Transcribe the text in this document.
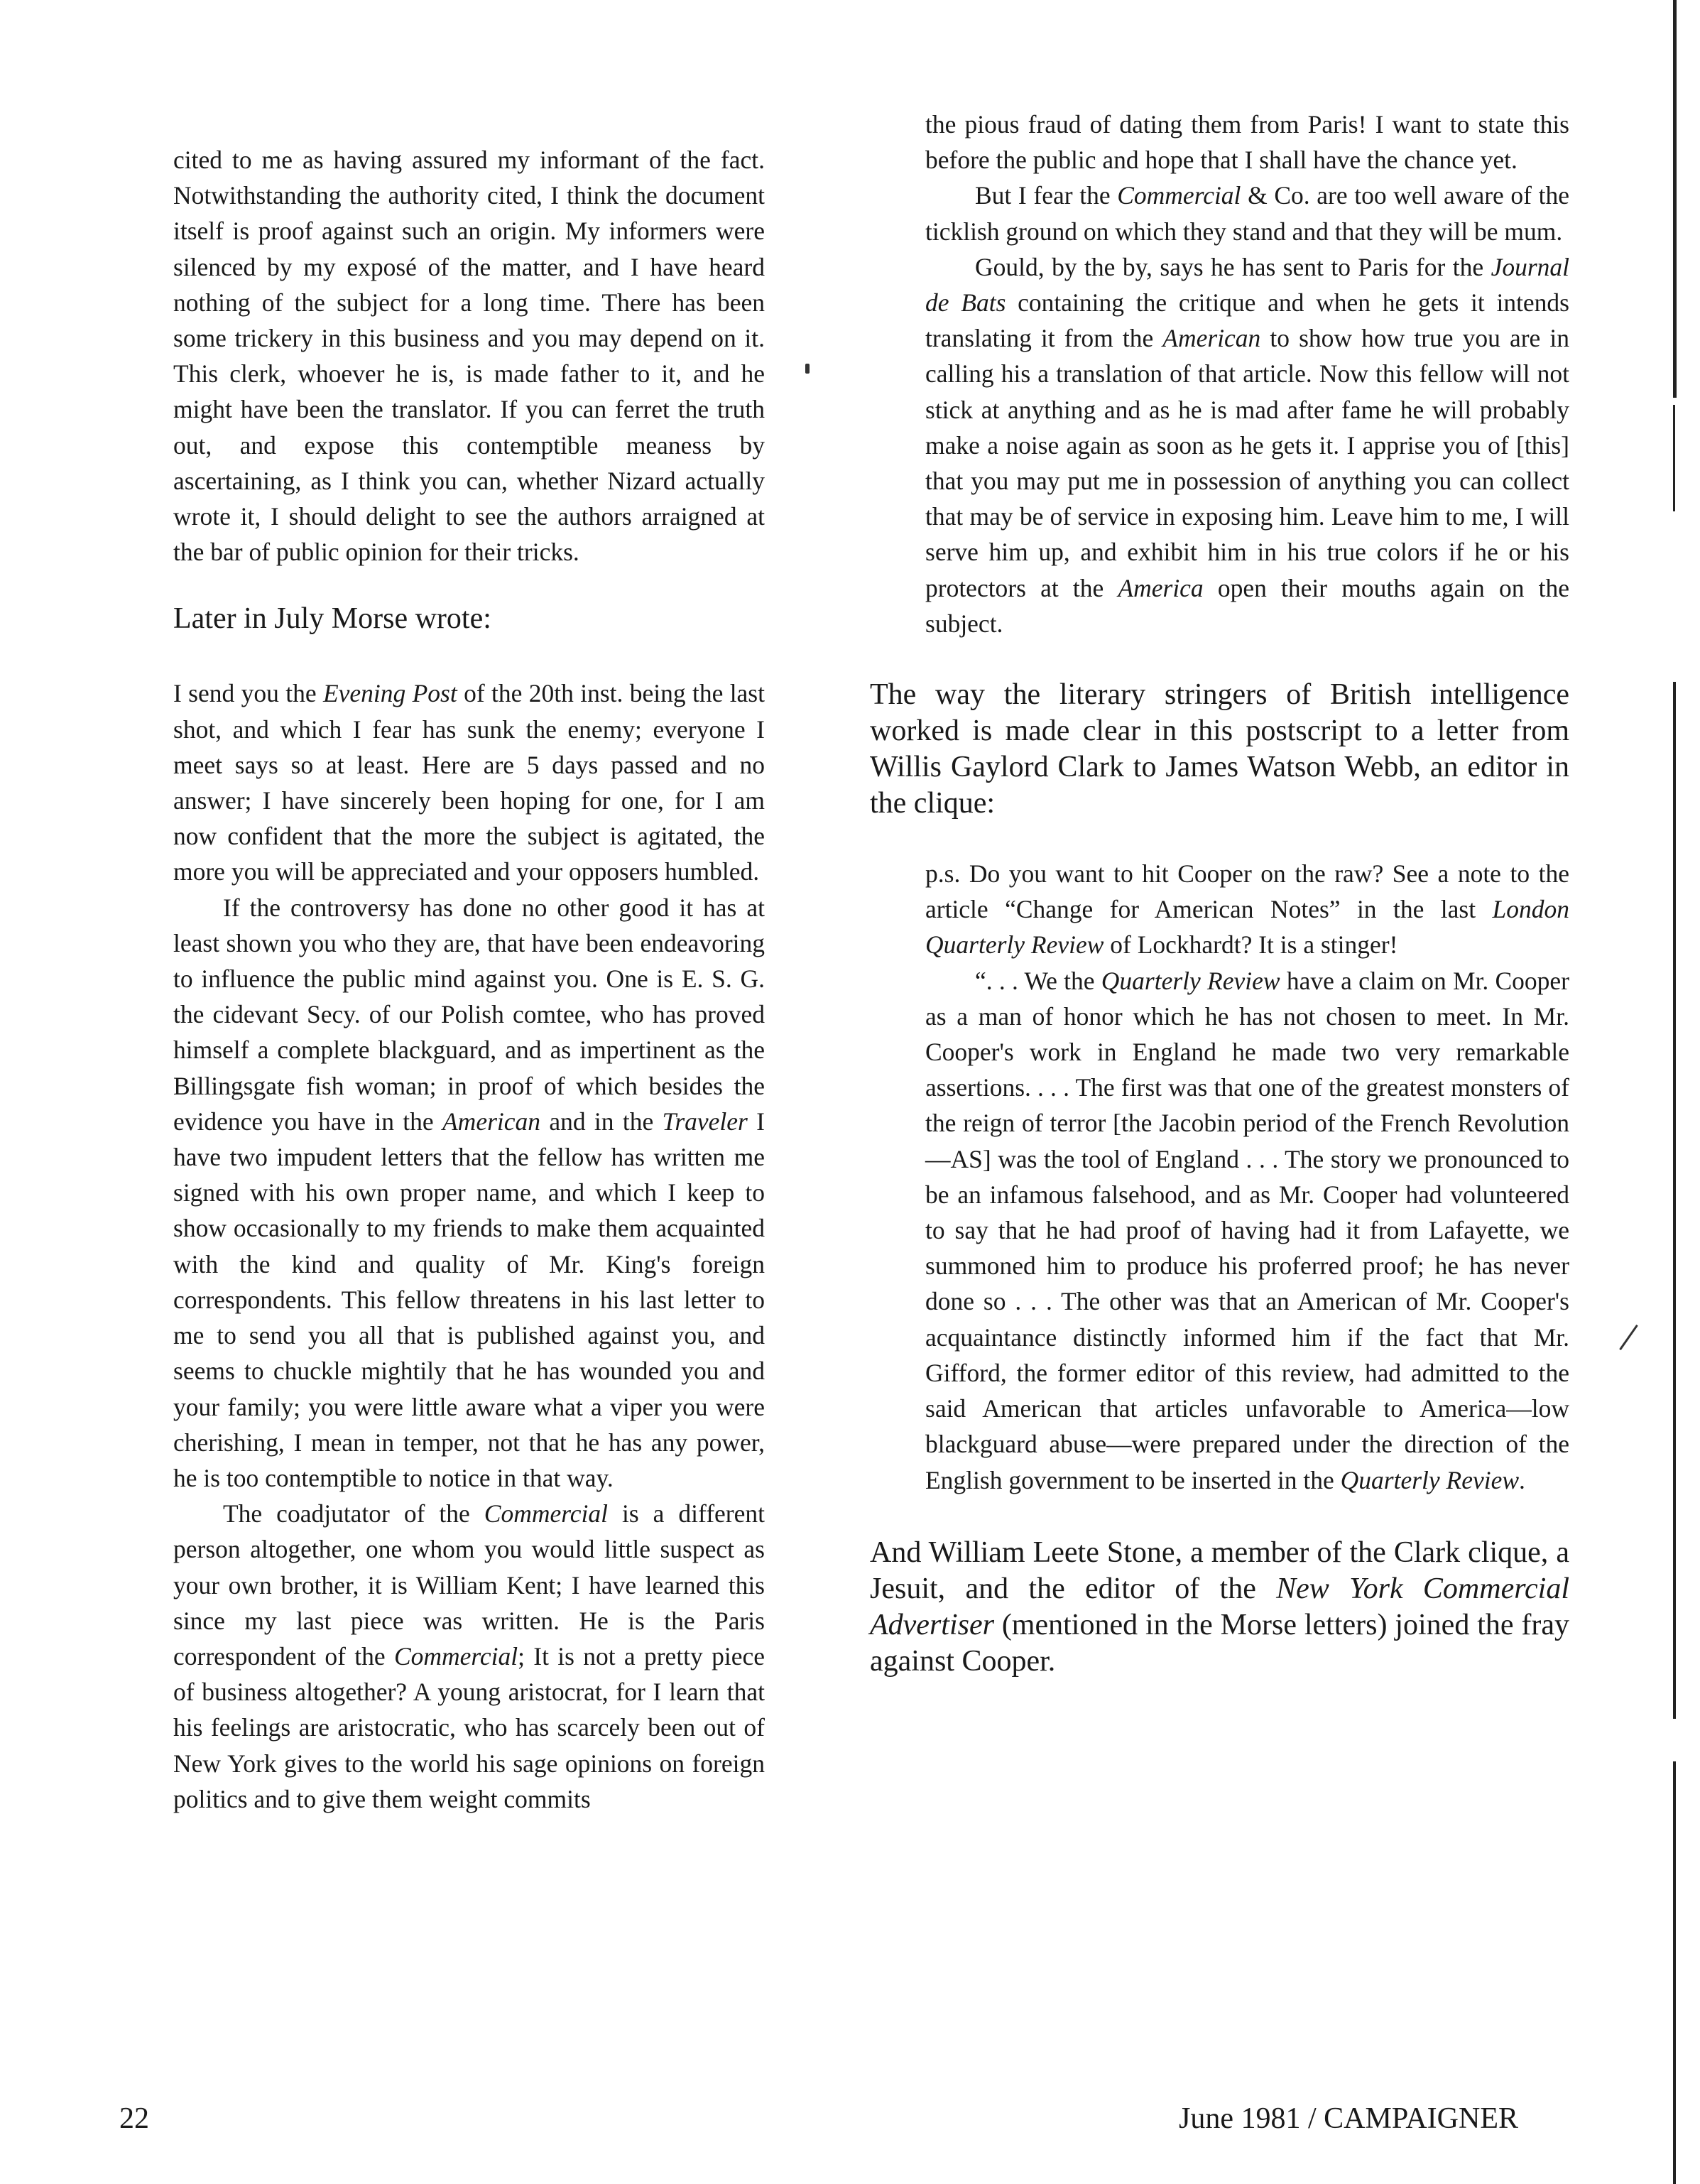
cited to me as having assured my informant of the fact. Notwithstanding the authority cited, I think the document itself is proof against such an origin. My informers were silenced by my exposé of the matter, and I have heard nothing of the subject for a long time. There has been some trickery in this business and you may depend on it. This clerk, whoever he is, is made father to it, and he might have been the translator. If you can ferret the truth out, and expose this contemptible meaness by ascertaining, as I think you can, whether Nizard actually wrote it, I should delight to see the authors arraigned at the bar of public opinion for their tricks.

Later in July Morse wrote:

I send you the Evening Post of the 20th inst. being the last shot, and which I fear has sunk the enemy; everyone I meet says so at least. Here are 5 days passed and no answer; I have sincerely been hoping for one, for I am now confident that the more the subject is agitated, the more you will be appreciated and your opposers humbled.

If the controversy has done no other good it has at least shown you who they are, that have been endeavoring to influence the public mind against you. One is E. S. G. the cidevant Secy. of our Polish comtee, who has proved himself a complete blackguard, and as impertinent as the Billingsgate fish woman; in proof of which besides the evidence you have in the American and in the Traveler I have two impudent letters that the fellow has written me signed with his own proper name, and which I keep to show occasionally to my friends to make them acquainted with the kind and quality of Mr. King's foreign correspondents. This fellow threatens in his last letter to me to send you all that is published against you, and seems to chuckle mightily that he has wounded you and your family; you were little aware what a viper you were cherishing, I mean in temper, not that he has any power, he is too contemptible to notice in that way.

The coadjutator of the Commercial is a different person altogether, one whom you would little suspect as your own brother, it is William Kent; I have learned this since my last piece was written. He is the Paris correspondent of the Commercial; It is not a pretty piece of business altogether? A young aristocrat, for I learn that his feelings are aristocratic, who has scarcely been out of New York gives to the world his sage opinions on foreign politics and to give them weight commits

the pious fraud of dating them from Paris! I want to state this before the public and hope that I shall have the chance yet.

But I fear the Commercial & Co. are too well aware of the ticklish ground on which they stand and that they will be mum.

Gould, by the by, says he has sent to Paris for the Journal de Bats containing the critique and when he gets it intends translating it from the American to show how true you are in calling his a translation of that article. Now this fellow will not stick at anything and as he is mad after fame he will probably make a noise again as soon as he gets it. I apprise you of [this] that you may put me in possession of anything you can collect that may be of service in exposing him. Leave him to me, I will serve him up, and exhibit him in his true colors if he or his protectors at the America open their mouths again on the subject.

The way the literary stringers of British intelligence worked is made clear in this postscript to a letter from Willis Gaylord Clark to James Watson Webb, an editor in the clique:

p.s. Do you want to hit Cooper on the raw? See a note to the article “Change for American Notes” in the last London Quarterly Review of Lockhardt? It is a stinger!

“. . . We the Quarterly Review have a claim on Mr. Cooper as a man of honor which he has not chosen to meet. In Mr. Cooper's work in England he made two very remarkable assertions. . . . The first was that one of the greatest monsters of the reign of terror [the Jacobin period of the French Revolution—AS] was the tool of England . . . The story we pronounced to be an infamous falsehood, and as Mr. Cooper had volunteered to say that he had proof of having had it from Lafayette, we summoned him to produce his proferred proof; he has never done so . . . The other was that an American of Mr. Cooper's acquaintance distinctly informed him if the fact that Mr. Gifford, the former editor of this review, had admitted to the said American that articles unfavorable to America—low blackguard abuse—were prepared under the direction of the English government to be inserted in the Quarterly Review.

And William Leete Stone, a member of the Clark clique, a Jesuit, and the editor of the New York Commercial Advertiser (mentioned in the Morse letters) joined the fray against Cooper.

22	June 1981 / CAMPAIGNER
